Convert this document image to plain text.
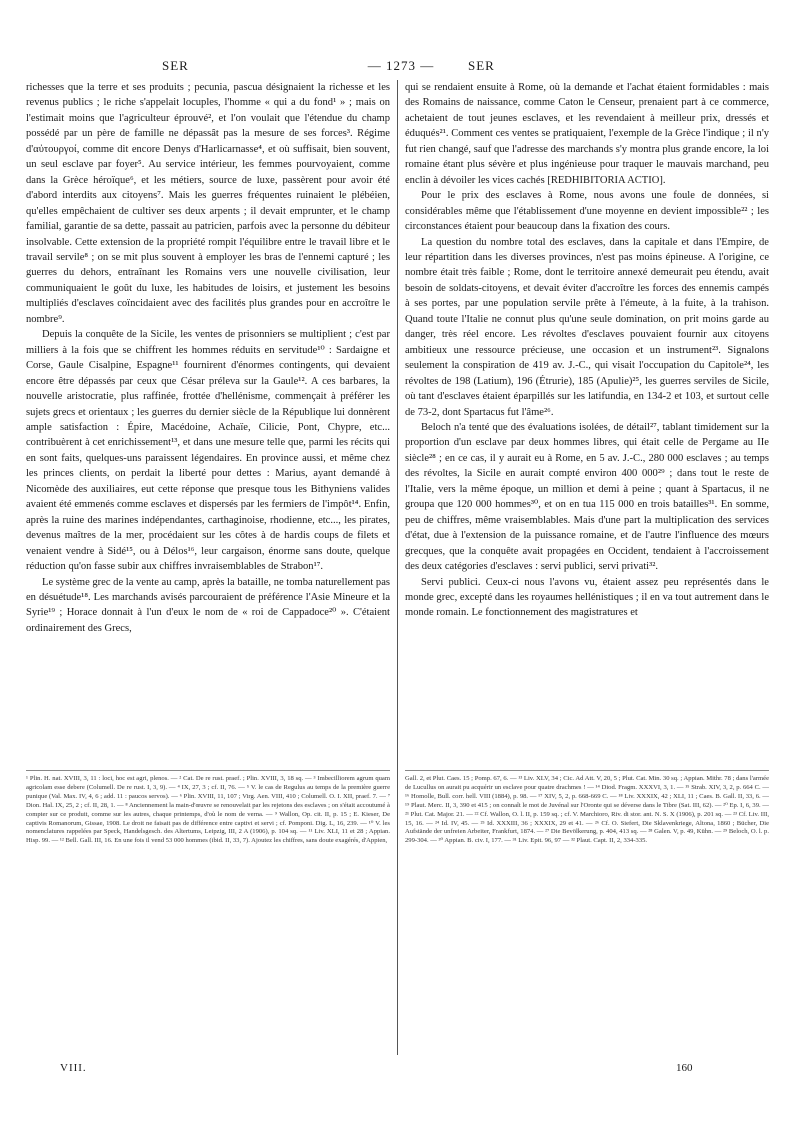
SER	— 1273 —	SER

richesses que la terre et ses produits ; pecunia, pascua désignaient la richesse et les revenus publics ; le riche s'appelait locuples, l'homme « qui a du fond¹ » ; mais on l'estimait moins que l'agriculteur éprouvé², et l'on voulait que l'étendue du champ possédé par un père de famille ne dépassât pas la mesure de ses forces³. Régime d'αὐτουργοί, comme dit encore Denys d'Harlicarnasse⁴, et où suffisait, bien souvent, un seul esclave par foyer⁵. Au service intérieur, les femmes pourvoyaient, comme dans la Grèce héroïque⁶, et les métiers, source de luxe, passèrent pour avoir été d'abord interdits aux citoyens⁷. Mais les guerres fréquentes ruinaient le plébéien, qu'elles empêchaient de cultiver ses deux arpents ; il devait emprunter, et le champ familial, garantie de sa dette, passait au patricien, parfois avec la personne du débiteur insolvable. Cette extension de la propriété rompit l'équilibre entre le travail libre et le travail servile⁸ ; on se mit plus souvent à employer les bras de l'ennemi capturé ; les guerres du dehors, entraînant les Romains vers une nouvelle civilisation, leur communiquaient le goût du luxe, les habitudes de loisirs, et justement les besoins multipliés d'esclaves coïncidaient avec des facilités plus grandes pour en accroître le nombre⁹.

Depuis la conquête de la Sicile, les ventes de prisonniers se multiplient ; c'est par milliers à la fois que se chiffrent les hommes réduits en servitude¹⁰ : Sardaigne et Corse, Gaule Cisalpine, Espagne¹¹ fournirent d'énormes contingents, qui devaient encore être dépassés par ceux que César préleva sur la Gaule¹². A ces barbares, la nouvelle aristocratie, plus raffinée, frottée d'hellénisme, commençait à préférer les sujets grecs et orientaux ; les guerres du dernier siècle de la République lui donnèrent ample satisfaction : Épire, Macédoine, Achaïe, Cilicie, Pont, Chypre, etc... contribuèrent à cet enrichissement¹³, et dans une mesure telle que, parmi les récits qui en sont faits, quelques-uns paraissent légendaires. En province aussi, et même chez les princes clients, on perdait la liberté pour dettes : Marius, ayant demandé à Nicomède des auxiliaires, eut cette réponse que presque tous les Bithyniens valides avaient été emmenés comme esclaves et dispersés par les fermiers de l'impôt¹⁴. Enfin, après la ruine des marines indépendantes, carthaginoise, rhodienne, etc..., les pirates, devenus maîtres de la mer, procédaient sur les côtes à de hardis coups de filets et venaient vendre à Sidé¹⁵, ou à Délos¹⁶, leur cargaison, énorme sans doute, quelque réduction qu'on fasse subir aux chiffres invraisemblables de Strabon¹⁷.

Le système grec de la vente au camp, après la bataille, ne tomba naturellement pas en désuétude¹⁸. Les marchands avisés parcouraient de préférence l'Asie Mineure et la Syrie¹⁹ ; Horace donnait à l'un d'eux le nom de « roi de Cappadoce²⁰ ». C'étaient ordinairement des Grecs,

qui se rendaient ensuite à Rome, où la demande et l'achat étaient formidables : mais des Romains de naissance, comme Caton le Censeur, prenaient part à ce commerce, achetaient de tout jeunes esclaves, et les revendaient à meilleur prix, dressés et éduqués²¹. Comment ces ventes se pratiquaient, l'exemple de la Grèce l'indique ; il n'y fut rien changé, sauf que l'adresse des marchands s'y montra plus grande encore, la loi romaine étant plus sévère et plus ingénieuse pour traquer le mauvais marchand, peu enclin à dévoiler les vices cachés [REDHIBITORIA ACTIO].

Pour le prix des esclaves à Rome, nous avons une foule de données, si considérables même que l'établissement d'une moyenne en devient impossible²² ; les circonstances étaient pour beaucoup dans la fixation des cours.

La question du nombre total des esclaves, dans la capitale et dans l'Empire, de leur répartition dans les diverses provinces, n'est pas moins épineuse. A l'origine, ce nombre était très faible ; Rome, dont le territoire annexé demeurait peu étendu, avait besoin de soldats-citoyens, et devait éviter d'accroître les forces des ennemis campés à ses portes, par une population servile prête à l'émeute, à la fuite, à la trahison. Quand toute l'Italie ne connut plus qu'une seule domination, on prit moins garde au danger, très réel encore. Les révoltes d'esclaves pouvaient fournir aux citoyens ambitieux une ressource précieuse, une occasion et un instrument²³. Signalons seulement la conspiration de 419 av. J.-C., qui visait l'occupation du Capitole²⁴, les révoltes de 198 (Latium), 196 (Étrurie), 185 (Apulie)²⁵, les guerres serviles de Sicile, où tant d'esclaves étaient éparpillés sur les latifundia, en 134-2 et 103, et surtout celle de 73-2, dont Spartacus fut l'âme²⁶.

Beloch n'a tenté que des évaluations isolées, de détail²⁷, tablant timidement sur la proportion d'un esclave par deux hommes libres, qui était celle de Pergame au IIe siècle²⁸ ; en ce cas, il y aurait eu à Rome, en 5 av. J.-C., 280 000 esclaves ; au temps des révoltes, la Sicile en aurait compté environ 400 000²⁹ ; dans tout le reste de l'Italie, vers la même époque, un million et demi à peine ; quant à Spartacus, il ne groupa que 120 000 hommes³⁰, et on en tua 115 000 en trois batailles³¹. En somme, peu de chiffres, même vraisemblables. Mais d'une part la multiplication des services d'état, due à l'extension de la puissance romaine, et de l'autre l'influence des mœurs grecques, que la conquête avait propagées en Occident, tendaient à l'accroissement des deux catégories d'esclaves : servi publici, servi privati³².

Servi publici. Ceux-ci nous l'avons vu, étaient assez peu représentés dans le monde grec, excepté dans les royaumes hellénistiques ; il en va tout autrement dans le monde romain. Le fonctionnement des magistratures et

¹ Plin. H. nat. XVIII, 3, 11 : loci, hoc est agri, plenos. — ² Cat. De re rust. praef. ; Plin. XVIII, 3, 18 sq. — ³ Imbecilliorem agrum quam agricolam esse debere (Columell. De re rust. I, 3, 9). — ⁴ IX, 27, 3 ; cf. II, 76. — ⁵ V. le cas de Regulus au temps de la première guerre punique (Val. Max. IV, 4, 6 ; add. 11 : paucos servos). — ⁶ Plin. XVIII, 11, 107 ; Virg. Aen. VIII, 410 ; Columell. O. I. XII, praef. 7. — ⁷ Dion. Hal. IX, 25, 2 ; cf. II, 28, 1. — ⁸ Anciennement la main-d'œuvre se renouvelait par les rejetons des esclaves ; on s'était accoutumé à compter sur ce produit, comme sur les autres, chaque printemps, d'où le nom de verna. — ⁹ Wallon, Op. cit. II, p. 15 ; E. Kieser, De captivis Romanorum, Gissae, 1908. Le droit ne faisait pas de différence entre captivi et servi ; cf. Pomponi. Dig. L, 16, 239. — ¹⁰ V. les nomenclatures rappelées par Speck, Handelsgesch. des Altertums, Leipzig, III, 2 A (1906), p. 104 sq. — ¹¹ Liv. XLI, 11 et 28 ; Appian. Hisp. 99. — ¹² Bell. Gall. III, 16. En une fois il vend 53 000 hommes (ibid. II, 33, 7). Ajoutez les chiffres, sans doute exagérés, d'Appien,
Gall. 2, et Plut. Caes. 15 ; Pomp. 67, 6. — ¹³ Liv. XLV, 34 ; Cic. Ad Att. V, 20, 5 ; Plut. Cat. Min. 30 sq. ; Appian. Mithr. 78 ; dans l'armée de Lucullus on aurait pu acquérir un esclave pour quatre drachmes ! — ¹⁴ Diod. Fragm. XXXVI, 3, 1. — ¹⁵ Strab. XIV, 3, 2, p. 664 C. — ¹⁶ Homolle, Bull. corr. hell. VIII (1884), p. 98. — ¹⁷ XIV, 5, 2, p. 668-669 C. — ¹⁸ Liv. XXXIX, 42 ; XLI, 11 ; Caes. B. Gall. II, 33, 6. — ¹⁹ Plaut. Merc. II, 3, 390 et 415 ; on connaît le mot de Juvénal sur l'Oronte qui se déverse dans le Tibre (Sat. III, 62). — ²⁰ Ep. I, 6, 39. — ²¹ Plut. Cat. Major. 21. — ²² Cf. Wallon, O. l. II, p. 159 sq. ; cf. V. Marchioro, Riv. di stor. ant. N. S. X (1906), p. 201 sq. — ²³ Cf. Liv. III, 15, 16. — ²⁴ Id. IV, 45. — ²⁵ Id. XXXIII, 36 ; XXXIX, 29 et 41. — ²⁶ Cf. O. Siefert, Die Sklavenkriege, Altona, 1860 ; Bücher, Die Aufstände der unfreien Arbeiter, Frankfurt, 1874. — ²⁷ Die Bevölkerung, p. 404, 413 sq. — ²⁸ Galen. V, p. 49, Kühn. — ²⁹ Beloch, O. l. p. 299-304. — ³⁰ Appian. B. civ. I, 177. — ³¹ Liv. Epit. 96, 97 — ³² Plaut. Capt. II, 2, 334-335.
VIII.	160
